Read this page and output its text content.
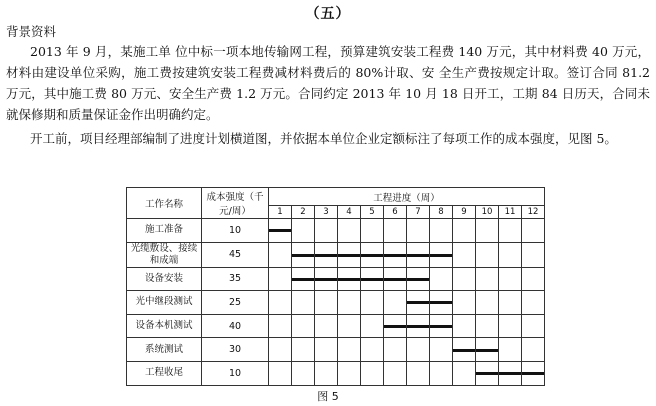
（五）
背景资料
2013 年 9 月，某施工单 位中标一项本地传输网工程，预算建筑安装工程费 140 万元，其中材料费 40 万元，材料由建设单位采购，施工费按建筑安装工程费减材料费后的 80%计取、安 全生产费按规定计取。签订合同 81.2 万元，其中施工费 80 万元、安全生产费 1.2 万元。合同约定 2013 年 10 月 18 日开工，工期 84 日历天，合同未就保修期和质量保证金作出明确约定。
开工前，项目经理部编制了进度计划横道图，并依据本单位企业定额标注了每项工作的成本强度，见图 5。
工作名称	成本强度（千元/周）	工程进度（周）											
		1	2	3	4	5	6	7	8	9	10	11	12
施工准备	10	

光缆敷设、接续和成端	45		

设备安装	35		

光中继段测试	25							

设备本机测试	40						

系统测试	30									

工程收尾	10										

图 5
